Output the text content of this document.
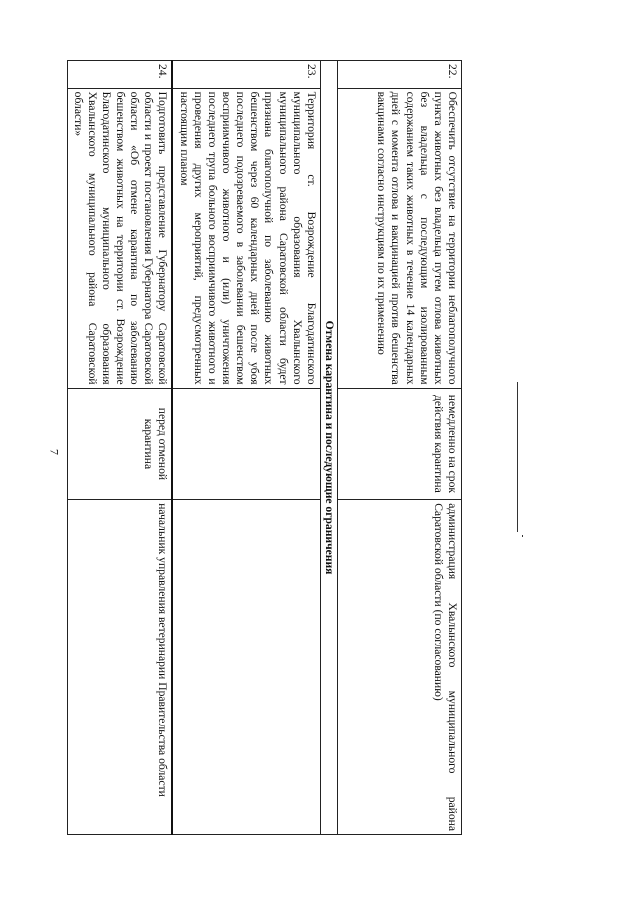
7
22.	Обеспечить отсутствие на территории неблагополучного пункта животных без владельца путем отлова животных без владельца с последующим изолированным содержанием таких животных в течение 14 календарных дней с момента отлова и вакцинацией против бешенства вакцинами согласно инструкциям по их применению	немедленно на срок действия карантина	администрация Хвалынского муниципального района Саратовской области (по согласованию)
Отмена карантина и последующие ограничения			
23.	Территория ст. Возрождение Благодатинского муниципального образования Хвалынского муниципального района Саратовской области будет признана благополучной по заболеванию животных бешенством через 60 календарных дней после убоя последнего подозреваемого в заболевании бешенством восприимчивого животного и (или) уничтожения последнего трупа больного восприимчивого животного и проведения других мероприятий, предусмотренных настоящим планом		
24.	Подготовить представление Губернатору Саратовской области и проект постановления Губернатора Саратовской области «Об отмене карантина по заболеванию бешенством животных на территории ст. Возрождение Благодатинского муниципального образования Хвалынского муниципального района Саратовской области»	перед отменой карантина	начальник управления ветеринарии Правительства области
